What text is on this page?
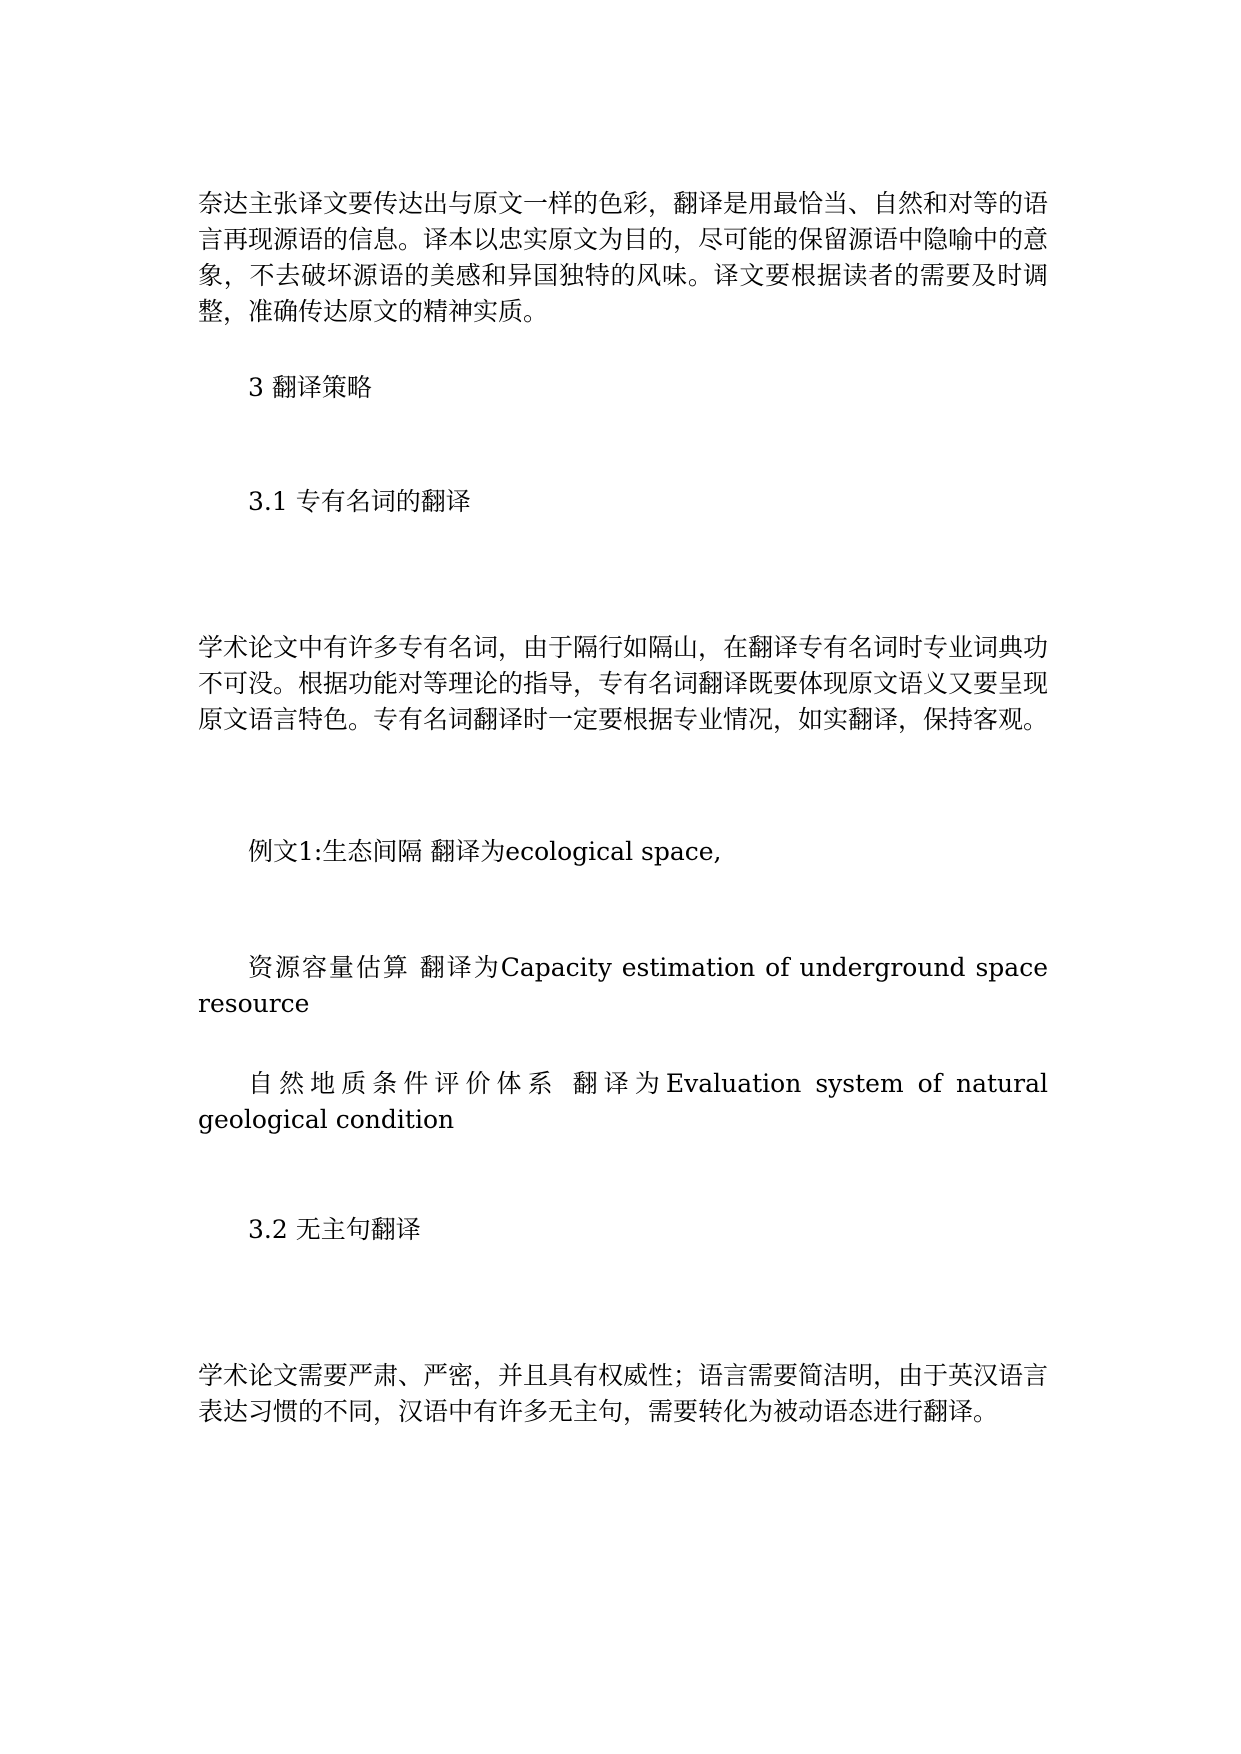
奈达主张译文要传达出与原文一样的色彩，翻译是用最恰当、自然和对等的语言再现源语的信息。译本以忠实原文为目的，尽可能的保留源语中隐喻中的意象，不去破坏源语的美感和异国独特的风味。译文要根据读者的需要及时调整，准确传达原文的精神实质。

3 翻译策略

3.1 专有名词的翻译

学术论文中有许多专有名词，由于隔行如隔山，在翻译专有名词时专业词典功不可没。根据功能对等理论的指导，专有名词翻译既要体现原文语义又要呈现原文语言特色。专有名词翻译时一定要根据专业情况，如实翻译，保持客观。

例文1:生态间隔 翻译为ecological space,

资源容量估算 翻译为Capacity estimation of underground space resource

自然地质条件评价体系 翻译为Evaluation system of natural geological condition

3.2 无主句翻译

学术论文需要严肃、严密，并且具有权威性；语言需要简洁明，由于英汉语言表达习惯的不同，汉语中有许多无主句，需要转化为被动语态进行翻译。
